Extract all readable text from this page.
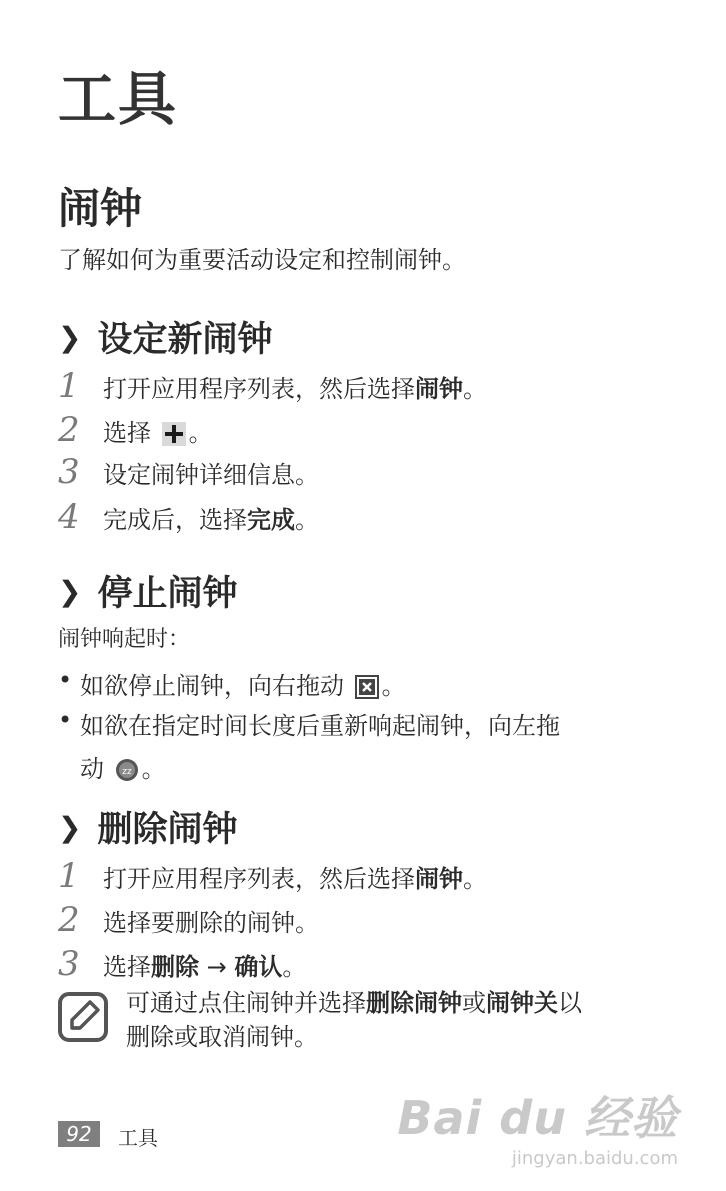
工具
闹钟
了解如何为重要活动设定和控制闹钟。
❯ 设定新闹钟
1 打开应用程序列表，然后选择闹钟。
2 选择 。
3 设定闹钟详细信息。
4 完成后，选择完成。
❯ 停止闹钟
闹钟响起时：
• 如欲停止闹钟，向右拖动 。
• 如欲在指定时间长度后重新响起闹钟，向左拖
动 zz 。
❯ 删除闹钟
1 打开应用程序列表，然后选择闹钟。
2 选择要删除的闹钟。
3 选择删除 → 确认。
可通过点住闹钟并选择删除闹钟或闹钟关以
删除或取消闹钟。
92	工具	Bai du 经验
jingyan.baidu.com
